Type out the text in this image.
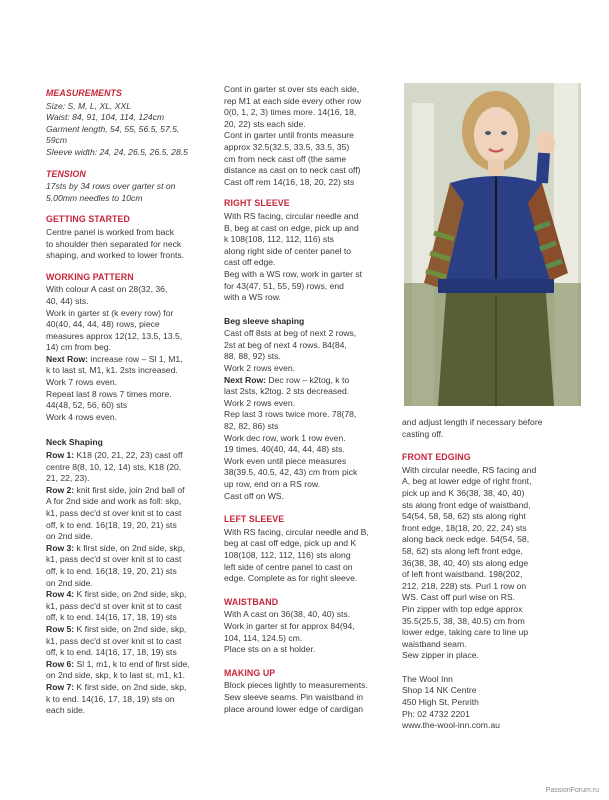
MEASUREMENTS
Size: S, M, L, XL, XXL
Waist: 84, 91, 104, 114, 124cm
Garment length, 54, 55, 56.5, 57.5,
59cm
Sleeve width: 24, 24, 26.5, 26.5, 28.5
TENSION
17sts by 34 rows over garter st on
5.00mm needles to 10cm
GETTING STARTED
Centre panel is worked from back
to shoulder then separated for neck
shaping, and worked to lower fronts.
WORKING PATTERN
With colour A cast on 28(32, 36,
40, 44) sts.
Work in garter st (k every row) for
40(40, 44, 44, 48) rows, piece
measures approx 12(12, 13.5, 13.5,
14) cm from beg.
Next Row: increase row – Sl 1, M1,
k to last st, M1, k1. 2sts increased.
Work 7 rows even.
Repeat last 8 rows 7 times more.
44(48, 52, 56, 60) sts
Work 4 rows even.
Neck Shaping
Row 1: K18 (20, 21, 22, 23) cast off
centre 8(8, 10, 12, 14) sts, K18 (20,
21, 22, 23).
Row 2: knit first side, join 2nd ball of
A for 2nd side and work as foll: skp,
k1, pass dec'd st over knit st to cast
off, k to end. 16(18, 19, 20, 21) sts
on 2nd side.
Row 3: k first side, on 2nd side, skp,
k1, pass dec'd st over knit st to cast
off, k to end. 16(18, 19, 20, 21) sts
on 2nd side.
Row 4: K first side, on 2nd side, skp,
k1, pass dec'd st over knit st to cast
off, k to end. 14(16, 17, 18, 19) sts
Row 5: K first side, on 2nd side, skp,
k1, pass dec'd st over knit st to cast
off, k to end. 14(16, 17, 18, 19) sts
Row 6: Sl 1, m1, k to end of first side,
on 2nd side, skp, k to last st, m1, k1.
Row 7: K first side, on 2nd side, skp,
k to end. 14(16, 17, 18, 19) sts on
each side.
Cont in garter st over sts each side,
rep M1 at each side every other row
0(0, 1, 2, 3) times more. 14(16, 18,
20, 22) sts each side.
Cont in garter until fronts measure
approx 32.5(32.5, 33.5, 33.5, 35)
cm from neck cast off (the same
distance as cast on to neck cast off)
Cast off rem 14(16, 18, 20, 22) sts
RIGHT SLEEVE
With RS facing, circular needle and
B, beg at cast on edge, pick up and
k 108(108, 112, 112, 116) sts
along right side of center panel to
cast off edge.
Beg with a WS row, work in garter st
for 43(47, 51, 55, 59) rows, end
with a WS row.
Beg sleeve shaping
Cast off 8sts at beg of next 2 rows,
2st at beg of next 4 rows. 84(84,
88, 88, 92) sts.
Work 2 rows even.
Next Row: Dec row – k2tog, k to
last 2sts, k2tog. 2 sts decreased.
Work 2 rows even.
Rep last 3 rows twice more. 78(78,
82, 82, 86) sts
Work dec row, work 1 row even.
19 times. 40(40, 44, 44, 48) sts.
Work even until piece measures
38(39.5, 40.5, 42, 43) cm from pick
up row, end on a RS row.
Cast off on WS.
LEFT SLEEVE
With RS facing, circular needle and B,
beg at cast off edge, pick up and K
108(108, 112, 112, 116) sts along
left side of centre panel to cast on
edge. Complete as for right sleeve.
WAISTBAND
With A cast on 36(38, 40, 40) sts.
Work in garter st for approx 84(94,
104, 114, 124.5) cm.
Place sts on a st holder.
MAKING UP
Block pieces lightly to measurements.
Sew sleeve seams. Pin waistband in
place around lower edge of cardigan
and adjust length if necessary before
casting off.
FRONT EDGING
With circular needle, RS facing and
A, beg at lower edge of right front,
pick up and K 36(38, 38, 40, 40)
sts along front edge of waistband,
54(54, 58, 58, 62) sts along right
front edge, 18(18, 20, 22, 24) sts
along back neck edge. 54(54, 58,
58, 62) sts along left front edge,
36(38, 38, 40, 40) sts along edge
of left front waistband. 198(202,
212, 218, 228) sts. Purl 1 row on
WS. Cast off purl wise on RS.
Pin zipper with top edge approx
35.5(25.5, 38, 38, 40.5) cm from
lower edge, taking care to line up
waistband seam.
Sew zipper in place.
The Wool Inn
Shop 14 NK Centre
450 High St, Penrith
Ph: 02 4732 2201
www.the-wool-inn.com.au
PassionForum.ru
